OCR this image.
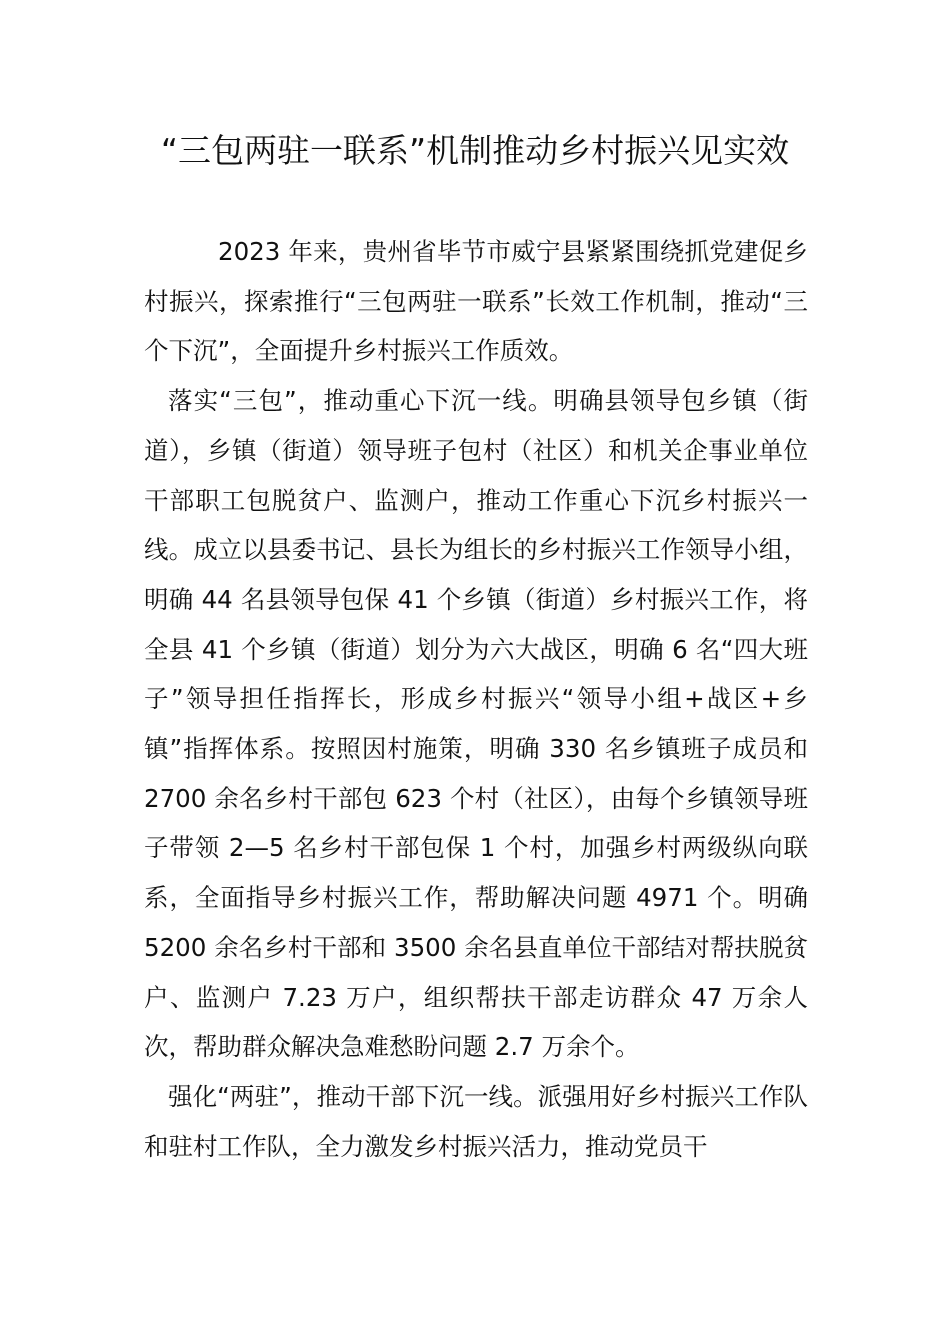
“三包两驻一联系”机制推动乡村振兴见实效

2023 年来，贵州省毕节市威宁县紧紧围绕抓党建促乡村振兴，探索推行“三包两驻一联系”长效工作机制，推动“三个下沉”，全面提升乡村振兴工作质效。

落实“三包”，推动重心下沉一线。明确县领导包乡镇（街道），乡镇（街道）领导班子包村（社区）和机关企事业单位干部职工包脱贫户、监测户，推动工作重心下沉乡村振兴一线。成立以县委书记、县长为组长的乡村振兴工作领导小组，明确 44 名县领导包保 41 个乡镇（街道）乡村振兴工作，将全县 41 个乡镇（街道）划分为六大战区，明确 6 名“四大班子”领导担任指挥长，形成乡村振兴“领导小组+战区+乡镇”指挥体系。按照因村施策，明确 330 名乡镇班子成员和 2700 余名乡村干部包 623 个村（社区），由每个乡镇领导班子带领 2—5 名乡村干部包保 1 个村，加强乡村两级纵向联系，全面指导乡村振兴工作，帮助解决问题 4971 个。明确 5200 余名乡村干部和 3500 余名县直单位干部结对帮扶脱贫户、监测户 7.23 万户，组织帮扶干部走访群众 47 万余人次，帮助群众解决急难愁盼问题 2.7 万余个。

强化“两驻”，推动干部下沉一线。派强用好乡村振兴工作队和驻村工作队，全力激发乡村振兴活力，推动党员干
